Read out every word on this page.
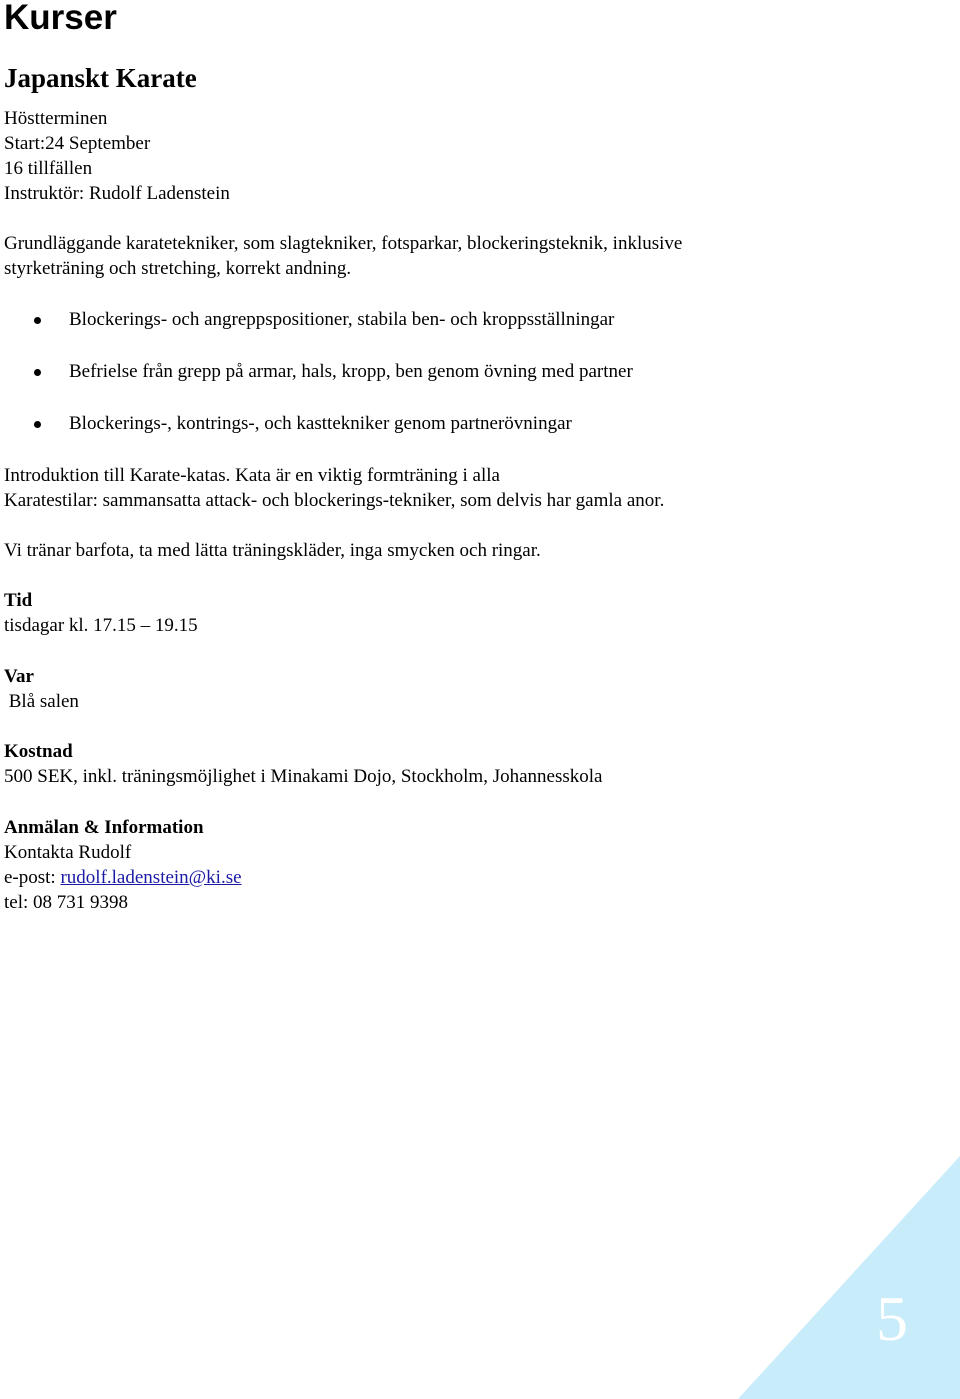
Kurser
Japanskt Karate

Höstterminen

Start:24 September

16 tillfällen

Instruktör: Rudolf Ladenstein

Grundläggande karatetekniker, som slagtekniker, fotsparkar, blockeringsteknik, inklusive

styrketräning och stretching, korrekt andning.

Blockerings- och angreppspositioner, stabila ben- och kroppsställningar
Befrielse från grepp på armar, hals, kropp, ben genom övning med partner
Blockerings-, kontrings-, och kasttekniker genom partnerövningar

Introduktion till Karate-katas. Kata är en viktig formträning i alla

Karatestilar: sammansatta attack- och blockerings-tekniker, som delvis har gamla anor.

Vi tränar barfota, ta med lätta träningskläder, inga smycken och ringar.

Tid

tisdagar kl. 17.15 – 19.15

Var

Blå salen

Kostnad

500 SEK, inkl. träningsmöjlighet i Minakami Dojo, Stockholm, Johannesskola

Anmälan & Information

Kontakta Rudolf

e-post: rudolf.ladenstein@ki.se

tel: 08 731 9398

5
